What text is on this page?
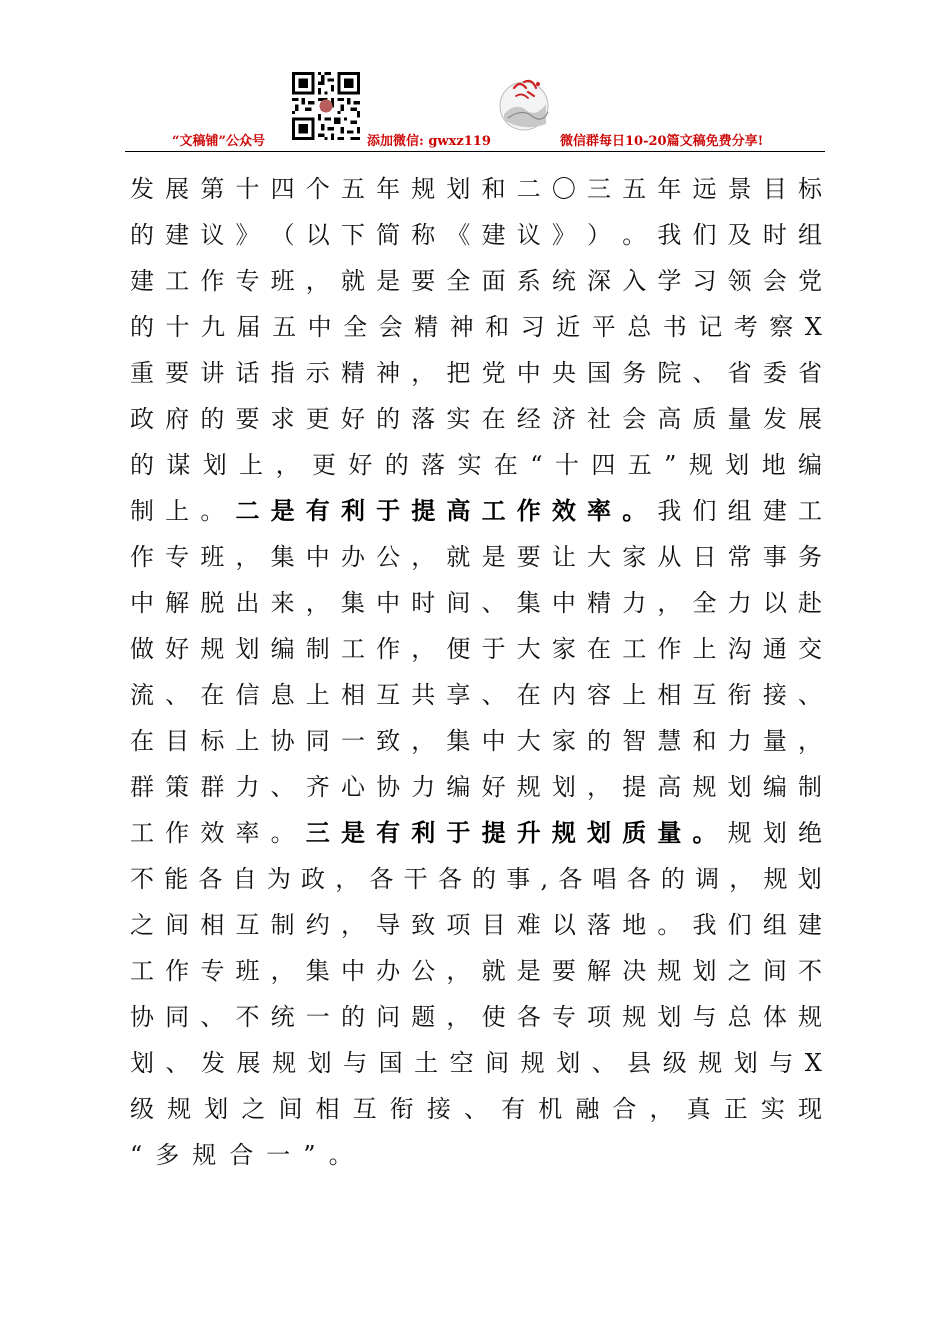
“文稿铺”公众号	添加微信: gwxz119	微信群每日10-20篇文稿免费分享!
发 展 第 十 四 个 五 年 规 划 和 二 〇 三 五 年 远 景 目 标
的 建 议 》 （ 以 下 简 称 《 建 议 》 ） 。 我 们 及 时 组
建 工 作 专 班 ， 就 是 要 全 面 系 统 深 入 学 习 领 会 党
的 十 九 届 五 中 全 会 精 神 和 习 近 平 总 书 记 考 察 X
重 要 讲 话 指 示 精 神 ， 把 党 中 央 国 务 院 、 省 委 省
政 府 的 要 求 更 好 的 落 实 在 经 济 社 会 高 质 量 发 展
的 谋 划 上 ， 更 好 的 落 实 在 “ 十 四 五 ” 规 划 地 编
制 上 。 二 是 有 利 于 提 高 工 作 效 率 。 我 们 组 建 工
作 专 班 ， 集 中 办 公 ， 就 是 要 让 大 家 从 日 常 事 务
中 解 脱 出 来 ， 集 中 时 间 、 集 中 精 力 ， 全 力 以 赴
做 好 规 划 编 制 工 作 ， 便 于 大 家 在 工 作 上 沟 通 交
流 、 在 信 息 上 相 互 共 享 、 在 内 容 上 相 互 衔 接 、
在 目 标 上 协 同 一 致 ， 集 中 大 家 的 智 慧 和 力 量 ，
群 策 群 力 、 齐 心 协 力 编 好 规 划 ， 提 高 规 划 编 制
工 作 效 率 。 三 是 有 利 于 提 升 规 划 质 量 。 规 划 绝
不 能 各 自 为 政 ， 各 干 各 的 事 , 各 唱 各 的 调 ， 规 划
之 间 相 互 制 约 ， 导 致 项 目 难 以 落 地 。 我 们 组 建
工 作 专 班 ， 集 中 办 公 ， 就 是 要 解 决 规 划 之 间 不
协 同 、 不 统 一 的 问 题 ， 使 各 专 项 规 划 与 总 体 规
划 、 发 展 规 划 与 国 土 空 间 规 划 、 县 级 规 划 与 X
级 规 划 之 间 相 互 衔 接 、 有 机 融 合 ， 真 正 实 现
“ 多 规 合 一 ” 。
